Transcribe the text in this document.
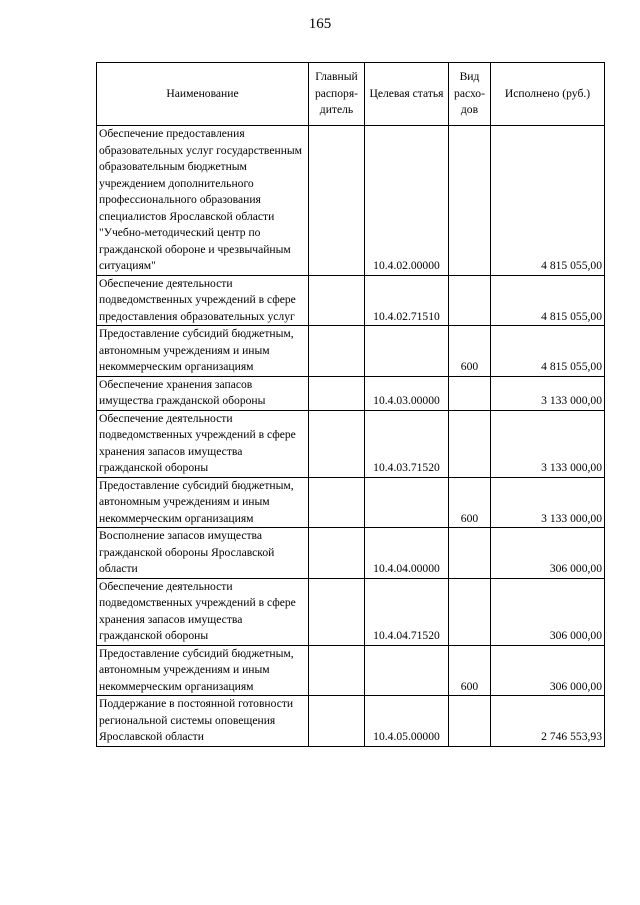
165
Наименование	Главный распоря-дитель	Целевая статья	Вид расхо-дов	Исполнено (руб.)
Обеспечение предоставления образовательных услуг государственным образовательным бюджетным учреждением дополнительного профессионального образования специалистов Ярославской области "Учебно-методический центр по гражданской обороне и чрезвычайным ситуациям"		10.4.02.00000		4 815 055,00
Обеспечение деятельности подведомственных учреждений в сфере предоставления образовательных услуг		10.4.02.71510		4 815 055,00
Предоставление субсидий бюджетным, автономным учреждениям и иным некоммерческим организациям			600	4 815 055,00
Обеспечение хранения запасов имущества гражданской обороны		10.4.03.00000		3 133 000,00
Обеспечение деятельности подведомственных учреждений в сфере хранения запасов имущества гражданской обороны		10.4.03.71520		3 133 000,00
Предоставление субсидий бюджетным, автономным учреждениям и иным некоммерческим организациям			600	3 133 000,00
Восполнение запасов имущества гражданской обороны Ярославской области		10.4.04.00000		306 000,00
Обеспечение деятельности подведомственных учреждений в сфере хранения запасов имущества гражданской обороны		10.4.04.71520		306 000,00
Предоставление субсидий бюджетным, автономным учреждениям и иным некоммерческим организациям			600	306 000,00
Поддержание в постоянной готовности региональной системы оповещения Ярославской области		10.4.05.00000		2 746 553,93
